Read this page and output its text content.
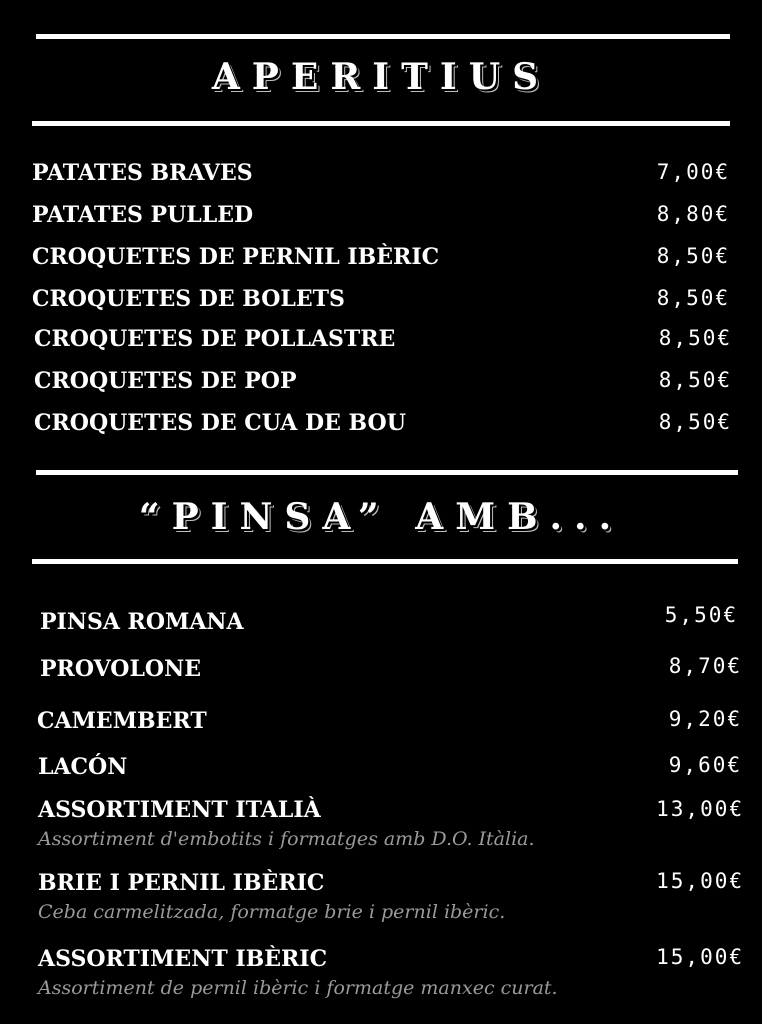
APERITIUS
PATATES BRAVES	7,00€
PATATES PULLED	8,80€
CROQUETES DE PERNIL IBÈRIC	8,50€
CROQUETES DE BOLETS	8,50€
CROQUETES DE POLLASTRE	8,50€
CROQUETES DE POP	8,50€
CROQUETES DE CUA DE BOU	8,50€
“PINSA” AMB...
PINSA ROMANA	5,50€
PROVOLONE	8,70€
CAMEMBERT	9,20€
LACÓN	9,60€
ASSORTIMENT ITALIÀ	13,00€
Assortiment d'embotits i formatges amb D.O. Itàlia.
BRIE I PERNIL IBÈRIC	15,00€
Ceba carmelitzada, formatge brie i pernil ibèric.
ASSORTIMENT IBÈRIC	15,00€
Assortiment de pernil ibèric i formatge manxec curat.
